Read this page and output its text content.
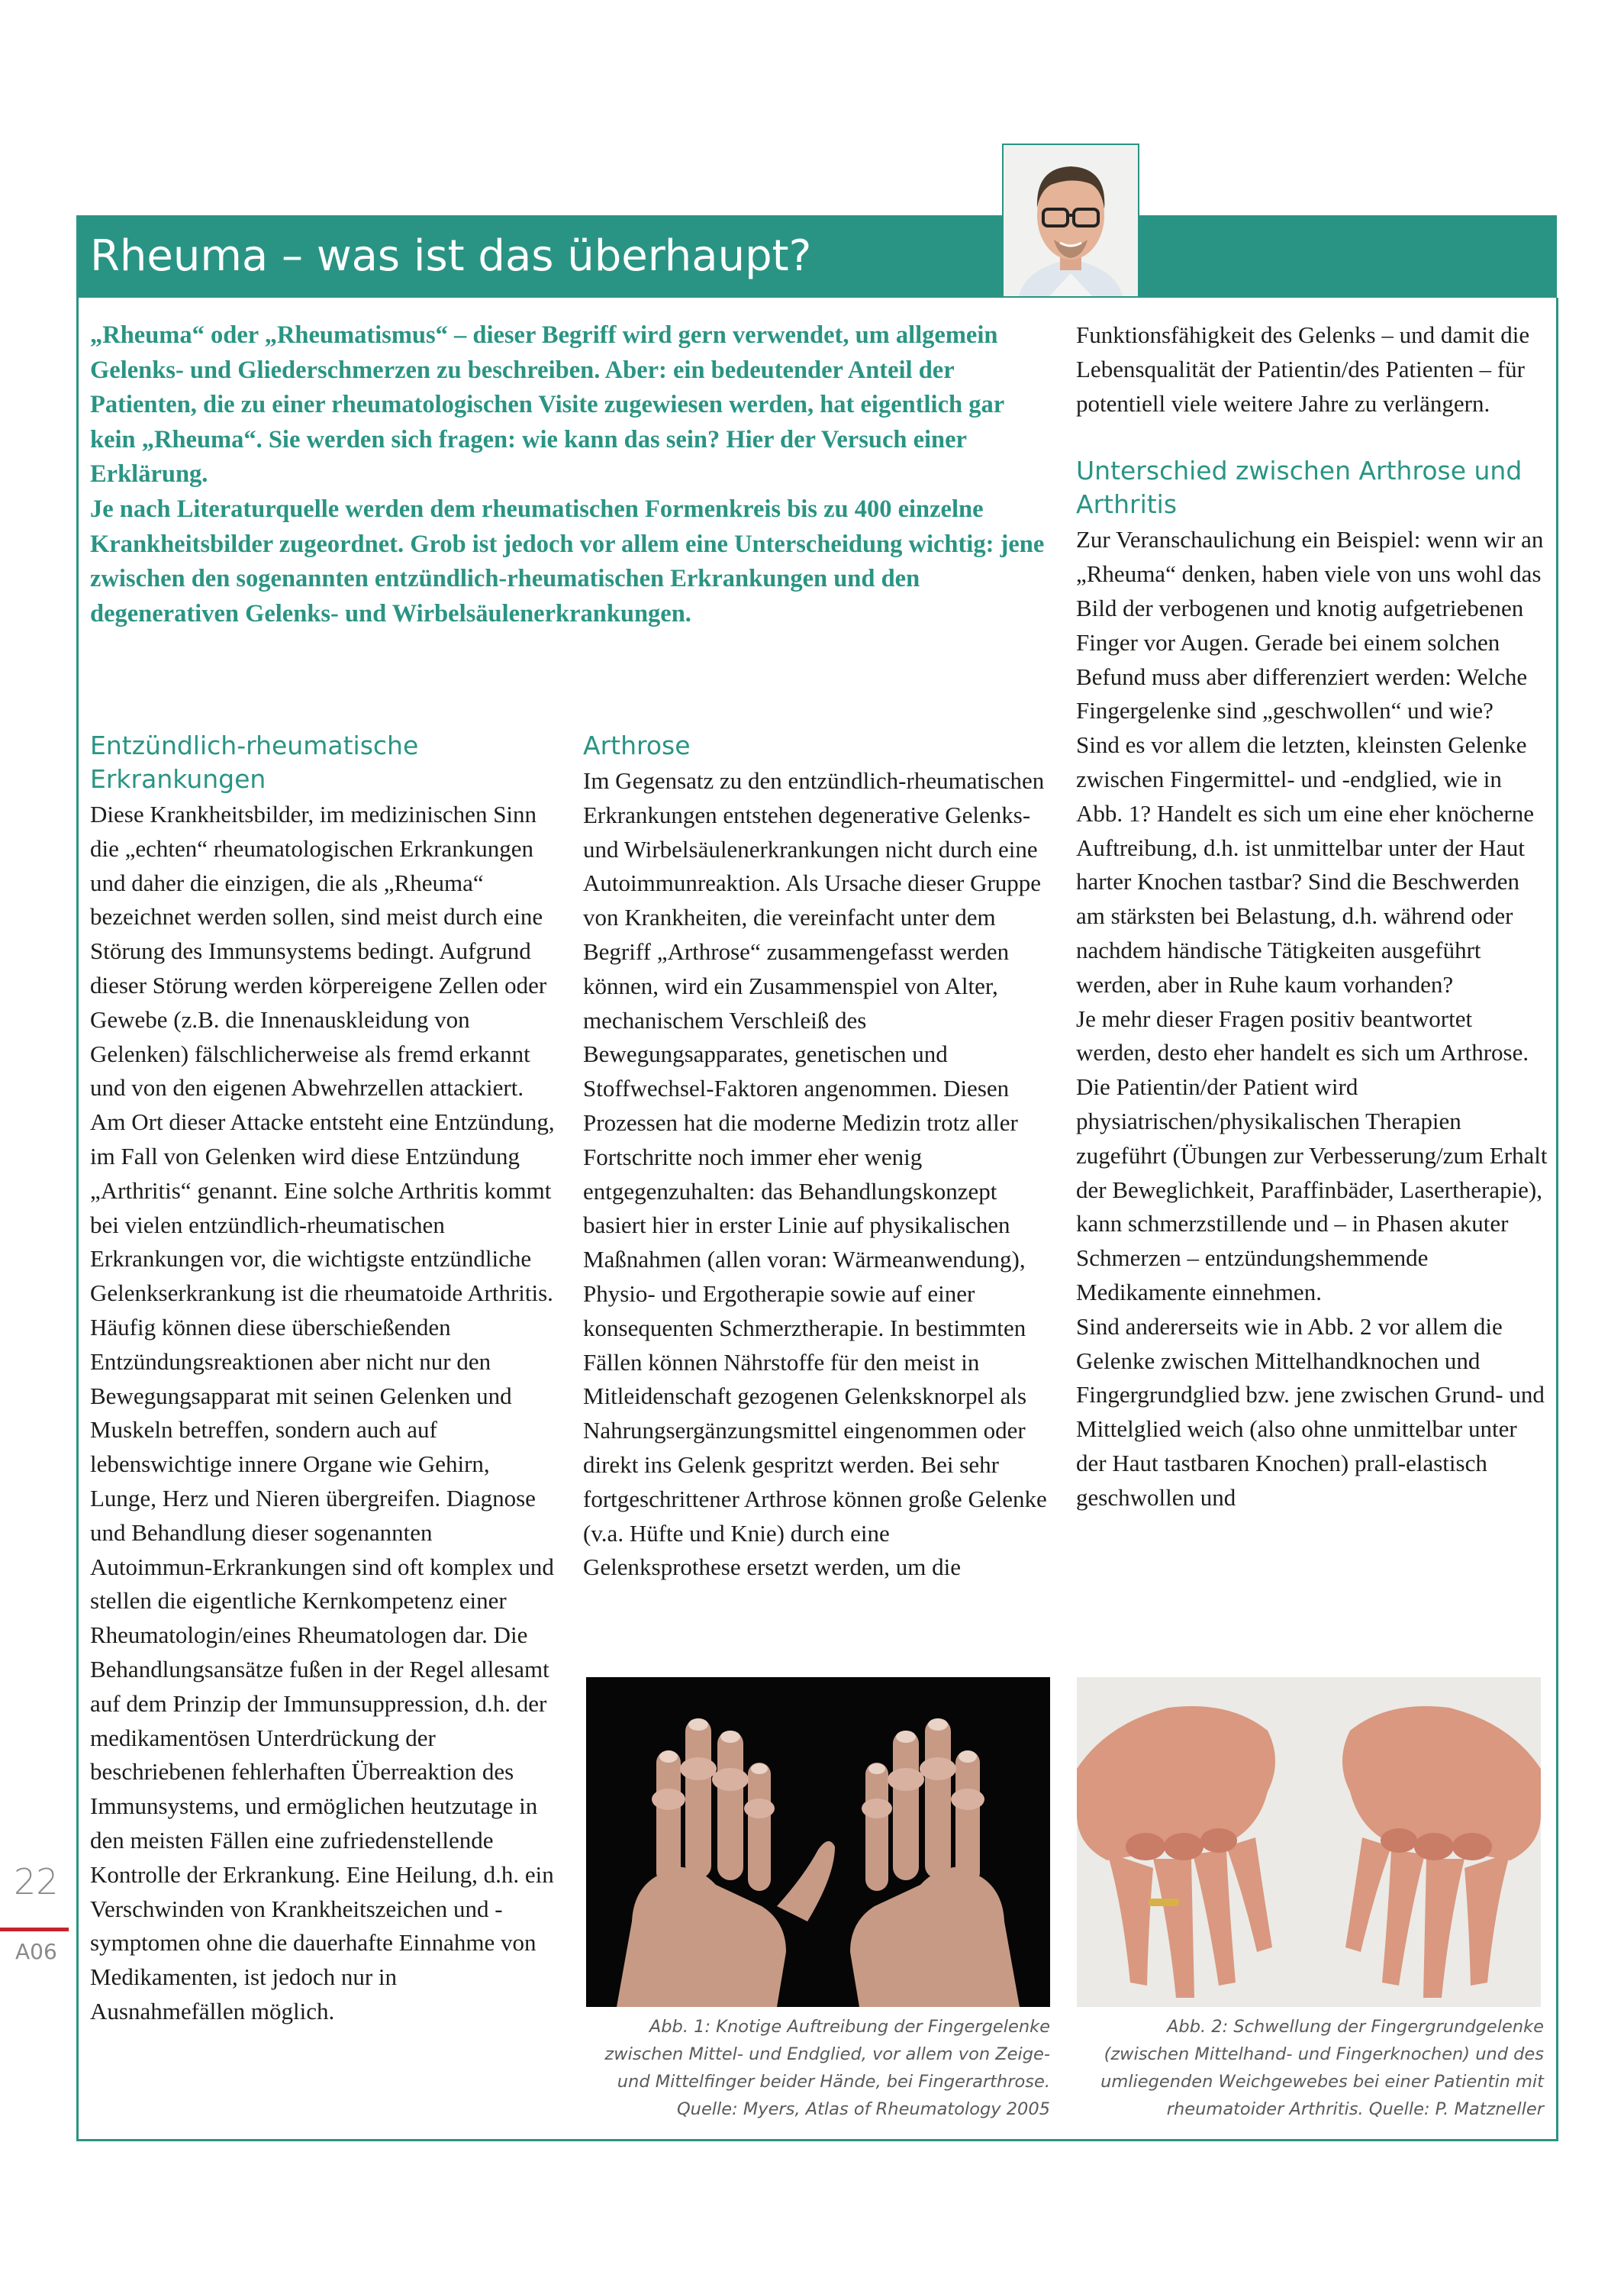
Rheuma – was ist das überhaupt?

„Rheuma“ oder „Rheumatismus“ – dieser Begriff wird gern verwendet, um allgemein Gelenks- und Gliederschmerzen zu beschreiben. Aber: ein bedeutender Anteil der Patienten, die zu einer rheumatologischen Visite zugewiesen werden, hat eigentlich gar kein „Rheuma“. Sie werden sich fragen: wie kann das sein? Hier der Versuch einer Erklärung.

Je nach Literaturquelle werden dem rheumatischen Formenkreis bis zu 400 einzelne Krankheitsbilder zugeordnet. Grob ist jedoch vor allem eine Unterscheidung wichtig: jene zwischen den sogenannten entzündlich-rheumatischen Erkrankungen und den degenerativen Gelenks- und Wirbelsäulenerkrankungen.

Entzündlich-rheumatische Erkrankungen

Diese Krankheitsbilder, im medizinischen Sinn die „echten“ rheumatologischen Erkrankungen und daher die einzigen, die als „Rheuma“ bezeichnet werden sollen, sind meist durch eine Störung des Immunsystems bedingt. Aufgrund dieser Störung werden körpereigene Zellen oder Gewebe (z.B. die Innenauskleidung von Gelenken) fälschlicherweise als fremd erkannt und von den eigenen Abwehrzellen attackiert. Am Ort dieser Attacke entsteht eine Entzündung, im Fall von Gelenken wird diese Entzündung „Arthritis“ genannt. Eine solche Arthritis kommt bei vielen entzündlich-rheumatischen Erkrankungen vor, die wichtigste entzündliche Gelenkserkrankung ist die rheumatoide Arthritis. Häufig können diese überschießenden Entzündungsreaktionen aber nicht nur den Bewegungsapparat mit seinen Gelenken und Muskeln betreffen, sondern auch auf lebenswichtige innere Organe wie Gehirn, Lunge, Herz und Nieren übergreifen. Diagnose und Behandlung dieser sogenannten Autoimmun-Erkrankungen sind oft komplex und stellen die eigentliche Kernkompetenz einer Rheumatologin/eines Rheumatologen dar. Die Behandlungsansätze fußen in der Regel allesamt auf dem Prinzip der Immunsuppression, d.h. der medikamentösen Unterdrückung der beschriebenen fehlerhaften Überreaktion des Immunsystems, und ermöglichen heutzutage in den meisten Fällen eine zufriedenstellende Kontrolle der Erkrankung. Eine Heilung, d.h. ein Verschwinden von Krankheitszeichen und -symptomen ohne die dauerhafte Einnahme von Medikamenten, ist jedoch nur in Ausnahmefällen möglich.

Arthrose

Im Gegensatz zu den entzündlich-rheumatischen Erkrankungen entstehen degenerative Gelenks- und Wirbelsäulenerkrankungen nicht durch eine Autoimmunreaktion. Als Ursache dieser Gruppe von Krankheiten, die vereinfacht unter dem Begriff „Arthrose“ zusammengefasst werden können, wird ein Zusammenspiel von Alter, mechanischem Verschleiß des Bewegungsapparates, genetischen und Stoffwechsel-Faktoren angenommen. Diesen Prozessen hat die moderne Medizin trotz aller Fortschritte noch immer eher wenig entgegenzuhalten: das Behandlungskonzept basiert hier in erster Linie auf physikalischen Maßnahmen (allen voran: Wärmeanwendung), Physio- und Ergotherapie sowie auf einer konsequenten Schmerztherapie. In bestimmten Fällen können Nährstoffe für den meist in Mitleidenschaft gezogenen Gelenksknorpel als Nahrungsergänzungsmittel eingenommen oder direkt ins Gelenk gespritzt werden. Bei sehr fortgeschrittener Arthrose können große Gelenke (v.a. Hüfte und Knie) durch eine Gelenksprothese ersetzt werden, um die

Funktionsfähigkeit des Gelenks – und damit die Lebensqualität der Patientin/des Patienten – für potentiell viele weitere Jahre zu verlängern.

Unterschied zwischen Arthrose und Arthritis

Zur Veranschaulichung ein Beispiel: wenn wir an „Rheuma“ denken, haben viele von uns wohl das Bild der verbogenen und knotig aufgetriebenen Finger vor Augen. Gerade bei einem solchen Befund muss aber differenziert werden: Welche Fingergelenke sind „geschwollen“ und wie?

Sind es vor allem die letzten, kleinsten Gelenke zwischen Fingermittel- und -endglied, wie in Abb. 1? Handelt es sich um eine eher knöcherne Auftreibung, d.h. ist unmittelbar unter der Haut harter Knochen tastbar? Sind die Beschwerden am stärksten bei Belastung, d.h. während oder nachdem händische Tätigkeiten ausgeführt werden, aber in Ruhe kaum vorhanden?

Je mehr dieser Fragen positiv beantwortet werden, desto eher handelt es sich um Arthrose. Die Patientin/der Patient wird physiatrischen/physikalischen Therapien zugeführt (Übungen zur Verbesserung/zum Erhalt der Beweglichkeit, Paraffinbäder, Lasertherapie), kann schmerzstillende und – in Phasen akuter Schmerzen – entzündungshemmende Medikamente einnehmen.

Sind andererseits wie in Abb. 2 vor allem die Gelenke zwischen Mittelhandknochen und Fingergrundglied bzw. jene zwischen Grund- und Mittelglied weich (also ohne unmittelbar unter der Haut tastbaren Knochen) prall-elastisch geschwollen und

Abb. 1: Knotige Auftreibung der Fingergelenke zwischen Mittel- und Endglied, vor allem von Zeige- und Mittelfinger beider Hände, bei Fingerarthrose. Quelle: Myers, Atlas of Rheumatology 2005
Abb. 2: Schwellung der Fingergrundgelenke (zwischen Mittelhand- und Fingerknochen) und des umliegenden Weichgewebes bei einer Patientin mit rheumatoider Arthritis. Quelle: P. Matzneller
22
A06
